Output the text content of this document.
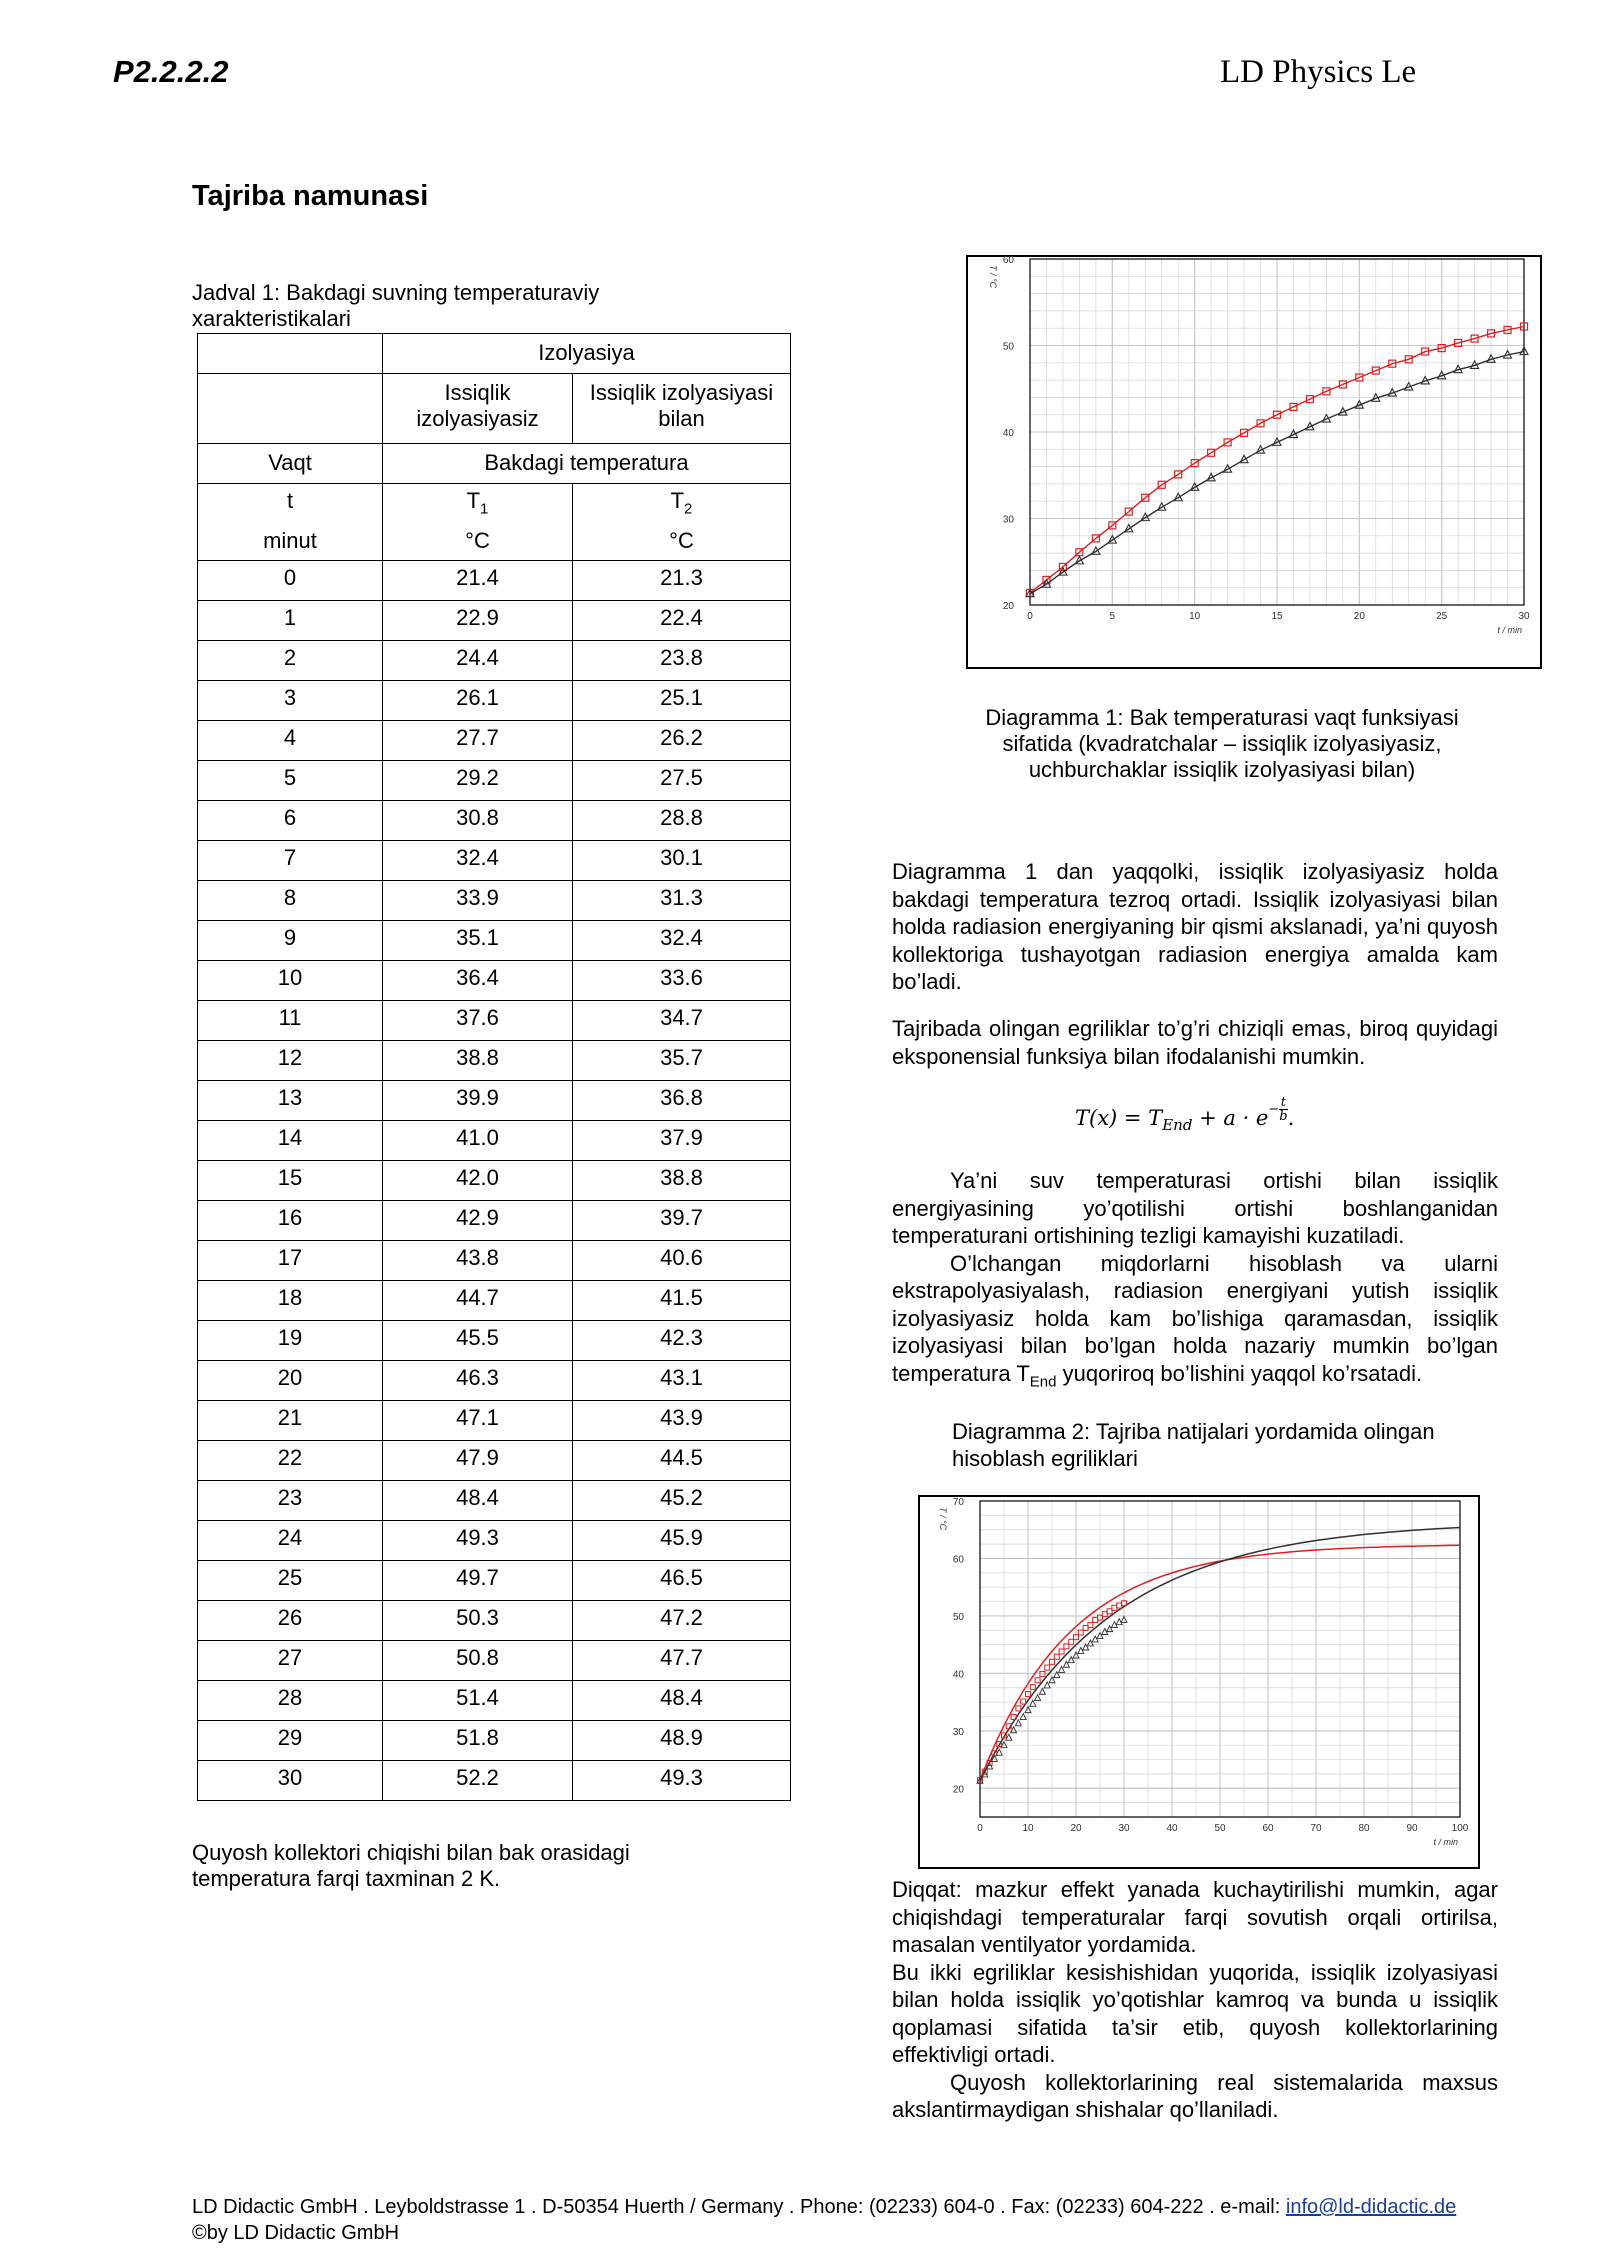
P2.2.2.2	LD Physics Le
Tajriba namunasi
Jadval 1: Bakdagi suvning temperaturaviy xarakteristikalari
	Izolyasiya	
	Issiqlik izolyasiyasiz	Issiqlik izolyasiyasi bilan
Vaqt	Bakdagi temperatura	
t	$T_1$	$T_2$
minut	°C	°C
0	21.4	21.3
1	22.9	22.4
2	24.4	23.8
3	26.1	25.1
4	27.7	26.2
5	29.2	27.5
6	30.8	28.8
7	32.4	30.1
8	33.9	31.3
9	35.1	32.4
10	36.4	33.6
11	37.6	34.7
12	38.8	35.7
13	39.9	36.8
14	41.0	37.9
15	42.0	38.8
16	42.9	39.7
17	43.8	40.6
18	44.7	41.5
19	45.5	42.3
20	46.3	43.1
21	47.1	43.9
22	47.9	44.5
23	48.4	45.2
24	49.3	45.9
25	49.7	46.5
26	50.3	47.2
27	50.8	47.7
28	51.4	48.4
29	51.8	48.9
30	52.2	49.3
Quyosh kollektori chiqishi bilan bak orasidagi temperatura farqi taxminan 2 K.
0	5	10	15	20	25	30
20
30
40
50
60
t / min
T / °C
Diagramma 1: Bak temperaturasi vaqt funksiyasi sifatida (kvadratchalar – issiqlik izolyasiyasiz, uchburchaklar issiqlik izolyasiyasi bilan)
Diagramma 1 dan yaqqolki, issiqlik izolyasiyasiz holda bakdagi temperatura tezroq ortadi. Issiqlik izolyasiyasi bilan holda radiasion energiyaning bir qismi akslanadi, ya’ni quyosh kollektoriga tushayotgan radiasion energiya amalda kam bo’ladi.
Tajribada olingan egriliklar to’g’ri chiziqli emas, biroq quyidagi eksponensial funksiya bilan ifodalanishi mumkin.
$T(x) = T_{End} + a \cdot e^{- \frac{t}{b}}$ .
Ya’ni suv temperaturasi ortishi bilan issiqlik energiyasining yo’qotilishi ortishi boshlanganidan temperaturani ortishining tezligi kamayishi kuzatiladi.
O’lchangan miqdorlarni hisoblash va ularni ekstrapolyasiyalash, radiasion energiyani yutish issiqlik izolyasiyasiz holda kam bo’lishiga qaramasdan, issiqlik izolyasiyasi bilan bo’lgan holda nazariy mumkin bo’lgan temperatura $T_{End}$ yuqoriroq bo’lishini yaqqol ko’rsatadi.
Diagramma 2: Tajriba natijalari yordamida olingan hisoblash egriliklari
0	10	20	30	40	50	60	70	80	90	100
20
30
40
50
60
70
t / min
T / °C
Diqqat: mazkur effekt yanada kuchaytirilishi mumkin, agar chiqishdagi temperaturalar farqi sovutish orqali ortirilsa, masalan ventilyator yordamida.
Bu ikki egriliklar kesishishidan yuqorida, issiqlik izolyasiyasi bilan holda issiqlik yo’qotishlar kamroq va bunda u issiqlik qoplamasi sifatida ta’sir etib, quyosh kollektorlarining effektivligi ortadi.
Quyosh kollektorlarining real sistemalarida maxsus akslantirmaydigan shishalar qo’llaniladi.
LD Didactic GmbH . Leyboldstrasse 1 . D-50354 Huerth / Germany . Phone: (02233) 604-0 . Fax: (02233) 604-222 . e-mail: info@ld-didactic.de ©by LD Didactic GmbH
